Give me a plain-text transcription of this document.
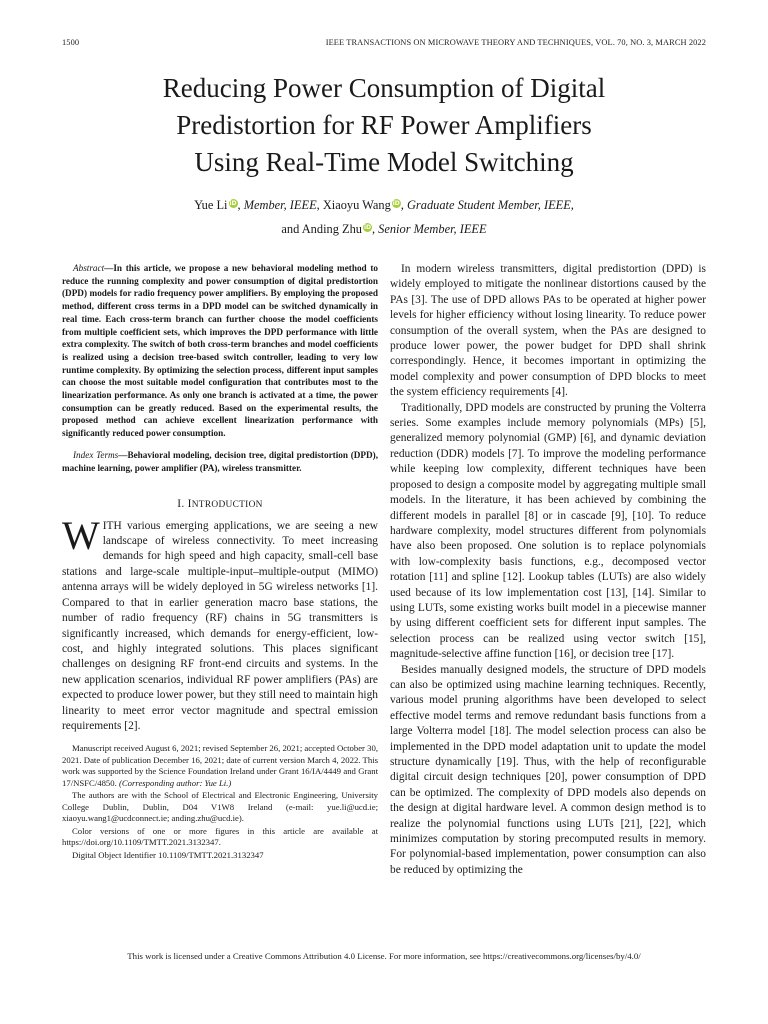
1500	IEEE TRANSACTIONS ON MICROWAVE THEORY AND TECHNIQUES, VOL. 70, NO. 3, MARCH 2022
Reducing Power Consumption of Digital
Predistortion for RF Power Amplifiers
Using Real-Time Model Switching
Yue Li iD, Member, IEEE, Xiaoyu Wang iD, Graduate Student Member, IEEE,
and Anding Zhu iD, Senior Member, IEEE

Abstract—In this article, we propose a new behavioral modeling method to reduce the running complexity and power consumption of digital predistortion (DPD) models for radio frequency power amplifiers. By employing the proposed method, different cross terms in a DPD model can be switched dynamically in real time. Each cross-term branch can further choose the model coefficients from multiple coefficient sets, which improves the DPD performance with little extra complexity. The switch of both cross-term branches and model coefficients is realized using a decision tree-based switch controller, leading to very low runtime complexity. By optimizing the selection process, different input samples can choose the most suitable model configuration that contributes most to the linearization performance. As only one branch is activated at a time, the power consumption can be greatly reduced. Based on the experimental results, the proposed method can achieve excellent linearization performance with significantly reduced power consumption.

Index Terms—Behavioral modeling, decision tree, digital predistortion (DPD), machine learning, power amplifier (PA), wireless transmitter.

I. INTRODUCTION

WITH various emerging applications, we are seeing a new landscape of wireless connectivity. To meet increasing demands for high speed and high capacity, small-cell base stations and large-scale multiple-input–multiple-output (MIMO) antenna arrays will be widely deployed in 5G wireless networks [1]. Compared to that in earlier generation macro base stations, the number of radio frequency (RF) chains in 5G transmitters is significantly increased, which demands for energy-efficient, low-cost, and highly integrated solutions. This places significant challenges on designing RF front-end circuits and systems. In the new application scenarios, individual RF power amplifiers (PAs) are expected to produce lower power, but they still need to maintain high linearity to meet error vector magnitude and spectral emission requirements [2].

Manuscript received August 6, 2021; revised September 26, 2021; accepted October 30, 2021. Date of publication December 16, 2021; date of current version March 4, 2022. This work was supported by the Science Foundation Ireland under Grant 16/IA/4449 and Grant 17/NSFC/4850. (Corresponding author: Yue Li.)

The authors are with the School of Electrical and Electronic Engineering, University College Dublin, Dublin, D04 V1W8 Ireland (e-mail: yue.li@ucd.ie; xiaoyu.wang1@ucdconnect.ie; anding.zhu@ucd.ie).

Color versions of one or more figures in this article are available at https://doi.org/10.1109/TMTT.2021.3132347.

Digital Object Identifier 10.1109/TMTT.2021.3132347

In modern wireless transmitters, digital predistortion (DPD) is widely employed to mitigate the nonlinear distortions caused by the PAs [3]. The use of DPD allows PAs to be operated at higher power levels for higher efficiency without losing linearity. To reduce power consumption of the overall system, when the PAs are designed to produce lower power, the power budget for DPD shall shrink correspondingly. Hence, it becomes important in optimizing the model complexity and power consumption of DPD blocks to meet the system efficiency requirements [4].

Traditionally, DPD models are constructed by pruning the Volterra series. Some examples include memory polynomials (MPs) [5], generalized memory polynomial (GMP) [6], and dynamic deviation reduction (DDR) models [7]. To improve the modeling performance while keeping low complexity, different techniques have been proposed to design a composite model by aggregating multiple small models. In the literature, it has been achieved by combining the different models in parallel [8] or in cascade [9], [10]. To reduce hardware complexity, model structures different from polynomials have also been proposed. One solution is to replace polynomials with low-complexity basis functions, e.g., decomposed vector rotation [11] and spline [12]. Lookup tables (LUTs) are also widely used because of its low implementation cost [13], [14]. Similar to using LUTs, some existing works built model in a piecewise manner by using different coefficient sets for different input samples. The selection process can be realized using vector switch [15], magnitude-selective affine function [16], or decision tree [17].

Besides manually designed models, the structure of DPD models can also be optimized using machine learning techniques. Recently, various model pruning algorithms have been developed to select effective model terms and remove redundant basis functions from a large Volterra model [18]. The model selection process can also be implemented in the DPD model adaptation unit to update the model structure dynamically [19]. Thus, with the help of reconfigurable digital circuit design techniques [20], power consumption of DPD can be optimized. The complexity of DPD models also depends on the design at digital hardware level. A common design method is to realize the polynomial functions using LUTs [21], [22], which minimizes computation by storing precomputed results in memory. For polynomial-based implementation, power consumption can also be reduced by optimizing the

This work is licensed under a Creative Commons Attribution 4.0 License. For more information, see https://creativecommons.org/licenses/by/4.0/
